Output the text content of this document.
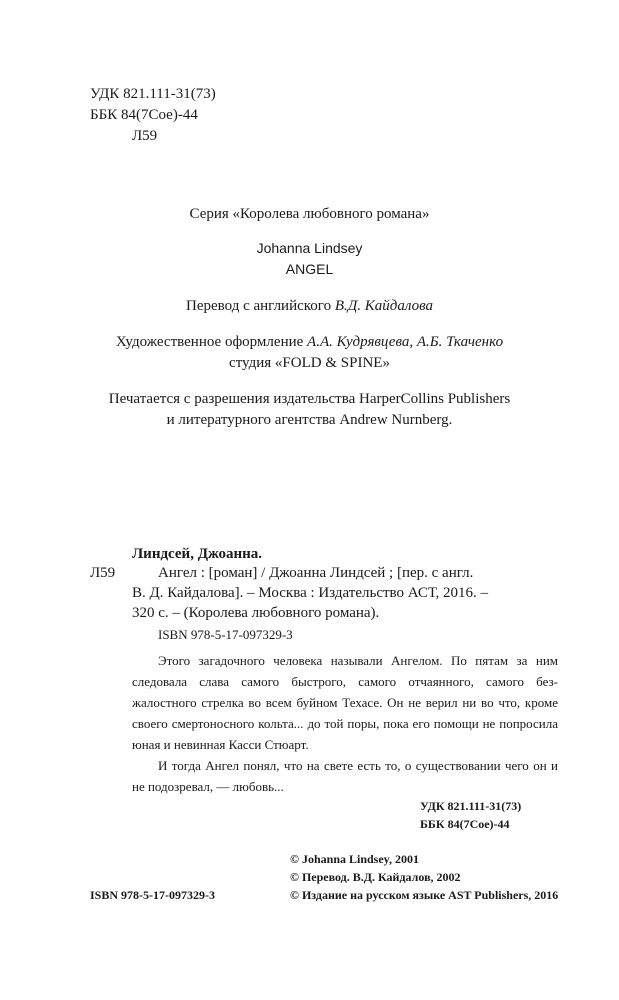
УДК 821.111-31(73)
ББК 84(7Сое)-44
Л59
Серия «Королева любовного романа»
Johanna Lindsey
ANGEL
Перевод с английского В.Д. Кайдалова
Художественное оформление А.А. Кудрявцева, А.Б. Ткаченко
студия «FOLD & SPINE»
Печатается с разрешения издательства HarperCollins Publishers
и литературного агентства Andrew Nurnberg.
Линдсей, Джоанна.
Л59	Ангел : [роман] / Джоанна Линдсей ; [пер. с англ.
В. Д. Кайдалова]. – Москва : Издательство АСТ, 2016. –
320 с. – (Королева любовного романа).
ISBN 978-5-17-097329-3
Этого загадочного человека называли Ангелом. По пятам за ним следовала слава самого быстрого, самого отчаянного, самого без-жалостного стрелка во всем буйном Техасе. Он не верил ни во что, кроме своего смертоносного кольта... до той поры, пока его помощи не попросила юная и невинная Касси Стюарт.
И тогда Ангел понял, что на свете есть то, о существовании чего он и не подозревал, — любовь...
УДК 821.111-31(73)
ББК 84(7Сое)-44
© Johanna Lindsey, 2001
© Перевод. В.Д. Кайдалов, 2002
© Издание на русском языке AST Publishers, 2016
ISBN 978-5-17-097329-3
